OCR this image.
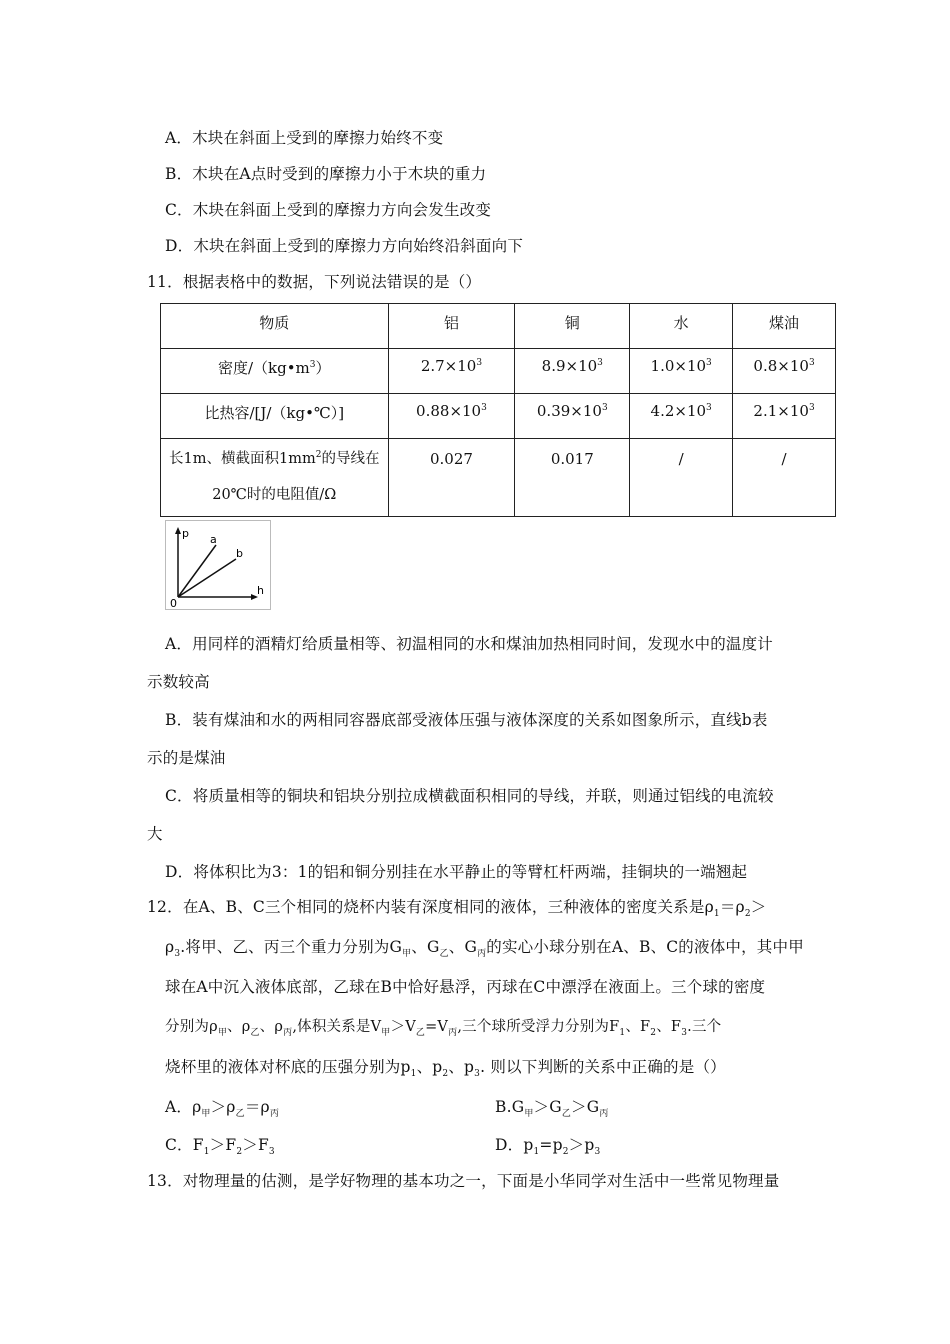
A．木块在斜面上受到的摩擦力始终不变
B．木块在A点时受到的摩擦力小于木块的重力
C．木块在斜面上受到的摩擦力方向会发生改变
D．木块在斜面上受到的摩擦力方向始终沿斜面向下
11．根据表格中的数据，下列说法错误的是（）
物质	铝	铜	水	煤油
密度$/(kg•m^3)$	$2.7\times 10^3$	$8.9\times 10^3$	$1.0\times 10^3$	$0.8\times 10^3$
比热容/[J/（kg•℃）]	$0.88\times 10^3$	$0.39\times 10^3$	$4.2\times 10^3$	$2.1\times 10^3$
长1m、横截面积$1mm^2$的导线在
20℃时的电阻值/Ω	0.027	0.017	/	/
p
h
0
a
b
A．用同样的酒精灯给质量相等、初温相同的水和煤油加热相同时间，发现水中的温度计
示数较高
B．装有煤油和水的两相同容器底部受液体压强与液体深度的关系如图象所示，直线b表
示的是煤油
C．将质量相等的铜块和铝块分别拉成横截面积相同的导线，并联，则通过铝线的电流较
大
D．将体积比为3：1的铝和铜分别挂在水平静止的等臂杠杆两端，挂铜块的一端翘起
12．在A、B、C三个相同的烧杯内装有深度相同的液体，三种液体的密度关系是$\rho_1=\rho_2>$
$\rho_3$.将甲、乙、丙三个重力分别为$G_甲$、$G_乙$、$G_丙$的实心小球分别在A、B、C的液体中，其中甲
球在A中沉入液体底部，乙球在B中恰好悬浮，丙球在C中漂浮在液面上。三个球的密度
分别为$\rho_甲$、$\rho_乙$、$\rho_丙$,体积关系是$V_甲>V_乙=V_丙$,三个球所受浮力分别为$F_1$、$F_2$、$F_3$.三个
烧杯里的液体对杯底的压强分别为$p_1$、$p_2$、$p_3$. 则以下判断的关系中正确的是（）
A．$\rho_甲>\rho_乙=\rho_丙$	$B.G_甲>G_乙>G_丙$
C．$F_1>F_2>F_3$	D．$p_1=p_2>p_3$
13．对物理量的估测，是学好物理的基本功之一，下面是小华同学对生活中一些常见物理量
